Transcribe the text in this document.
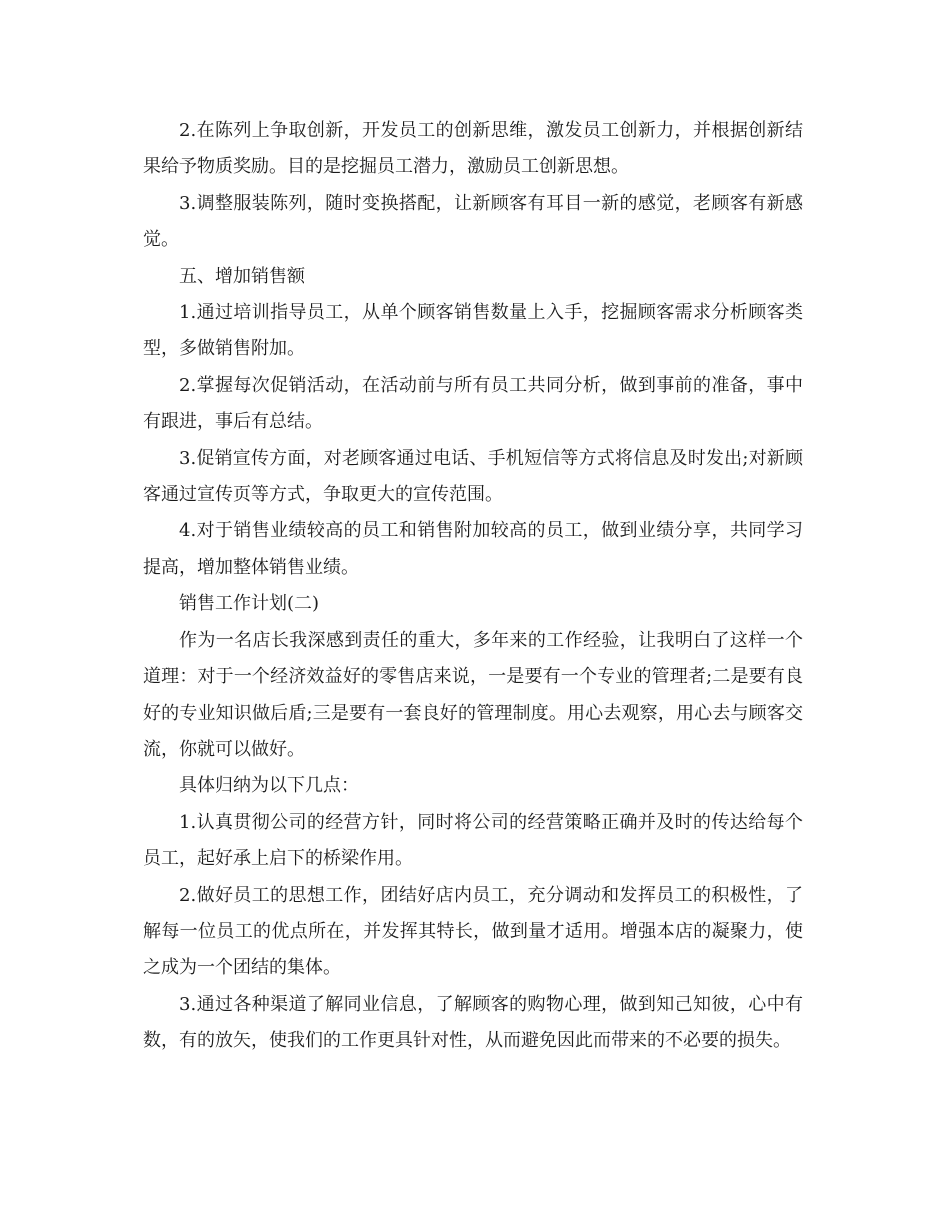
2.在陈列上争取创新，开发员工的创新思维，激发员工创新力，并根据创新结果给予物质奖励。目的是挖掘员工潜力，激励员工创新思想。

3.调整服装陈列，随时变换搭配，让新顾客有耳目一新的感觉，老顾客有新感觉。

五、增加销售额

1.通过培训指导员工，从单个顾客销售数量上入手，挖掘顾客需求分析顾客类型，多做销售附加。

2.掌握每次促销活动，在活动前与所有员工共同分析，做到事前的准备，事中有跟进，事后有总结。

3.促销宣传方面，对老顾客通过电话、手机短信等方式将信息及时发出;对新顾客通过宣传页等方式，争取更大的宣传范围。

4.对于销售业绩较高的员工和销售附加较高的员工，做到业绩分享，共同学习提高，增加整体销售业绩。

销售工作计划(二)

作为一名店长我深感到责任的重大，多年来的工作经验，让我明白了这样一个道理：对于一个经济效益好的零售店来说，一是要有一个专业的管理者;二是要有良好的专业知识做后盾;三是要有一套良好的管理制度。用心去观察，用心去与顾客交流，你就可以做好。

具体归纳为以下几点：

1.认真贯彻公司的经营方针，同时将公司的经营策略正确并及时的传达给每个员工，起好承上启下的桥梁作用。

2.做好员工的思想工作，团结好店内员工，充分调动和发挥员工的积极性，了解每一位员工的优点所在，并发挥其特长，做到量才适用。增强本店的凝聚力，使之成为一个团结的集体。

3.通过各种渠道了解同业信息，了解顾客的购物心理，做到知己知彼，心中有数，有的放矢，使我们的工作更具针对性，从而避免因此而带来的不必要的损失。
